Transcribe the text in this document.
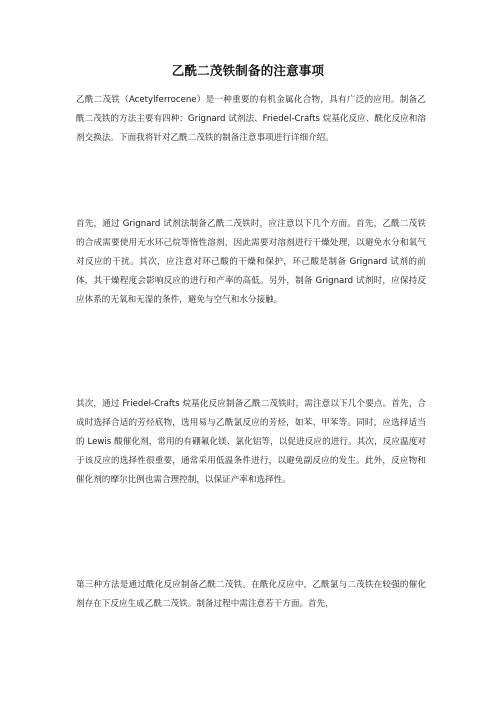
乙酰二茂铁制备的注意事项

乙酰二茂铁（Acetylferrocene）是一种重要的有机金属化合物，具有广泛的应用。制备乙酰二茂铁的方法主要有四种：Grignard 试剂法、Friedel-Crafts 烷基化反应、酰化反应和溶剂交换法。下面我将针对乙酰二茂铁的制备注意事项进行详细介绍。

首先，通过 Grignard 试剂法制备乙酰二茂铁时，应注意以下几个方面。首先，乙酰二茂铁的合成需要使用无水环己烷等惰性溶剂，因此需要对溶剂进行干燥处理，以避免水分和氧气对反应的干扰。其次，应注意对环己酸的干燥和保护，环己酸是制备 Grignard 试剂的前体，其干燥程度会影响反应的进行和产率的高低。另外，制备 Grignard 试剂时，应保持反应体系的无氧和无湿的条件，避免与空气和水分接触。

其次，通过 Friedel-Crafts 烷基化反应制备乙酰二茂铁时，需注意以下几个要点。首先，合成时选择合适的芳烃底物，选用易与乙酰氯反应的芳烃，如苯、甲苯等。同时，应选择适当的 Lewis 酸催化剂，常用的有硼氟化镁、氯化铝等，以促进反应的进行。其次，反应温度对于该反应的选择性很重要，通常采用低温条件进行，以避免副反应的发生。此外，反应物和催化剂的摩尔比例也需合理控制，以保证产率和选择性。

第三种方法是通过酰化反应制备乙酰二茂铁。在酰化反应中，乙酰氯与二茂铁在较强的催化剂存在下反应生成乙酰二茂铁。制备过程中需注意若干方面。首先，
